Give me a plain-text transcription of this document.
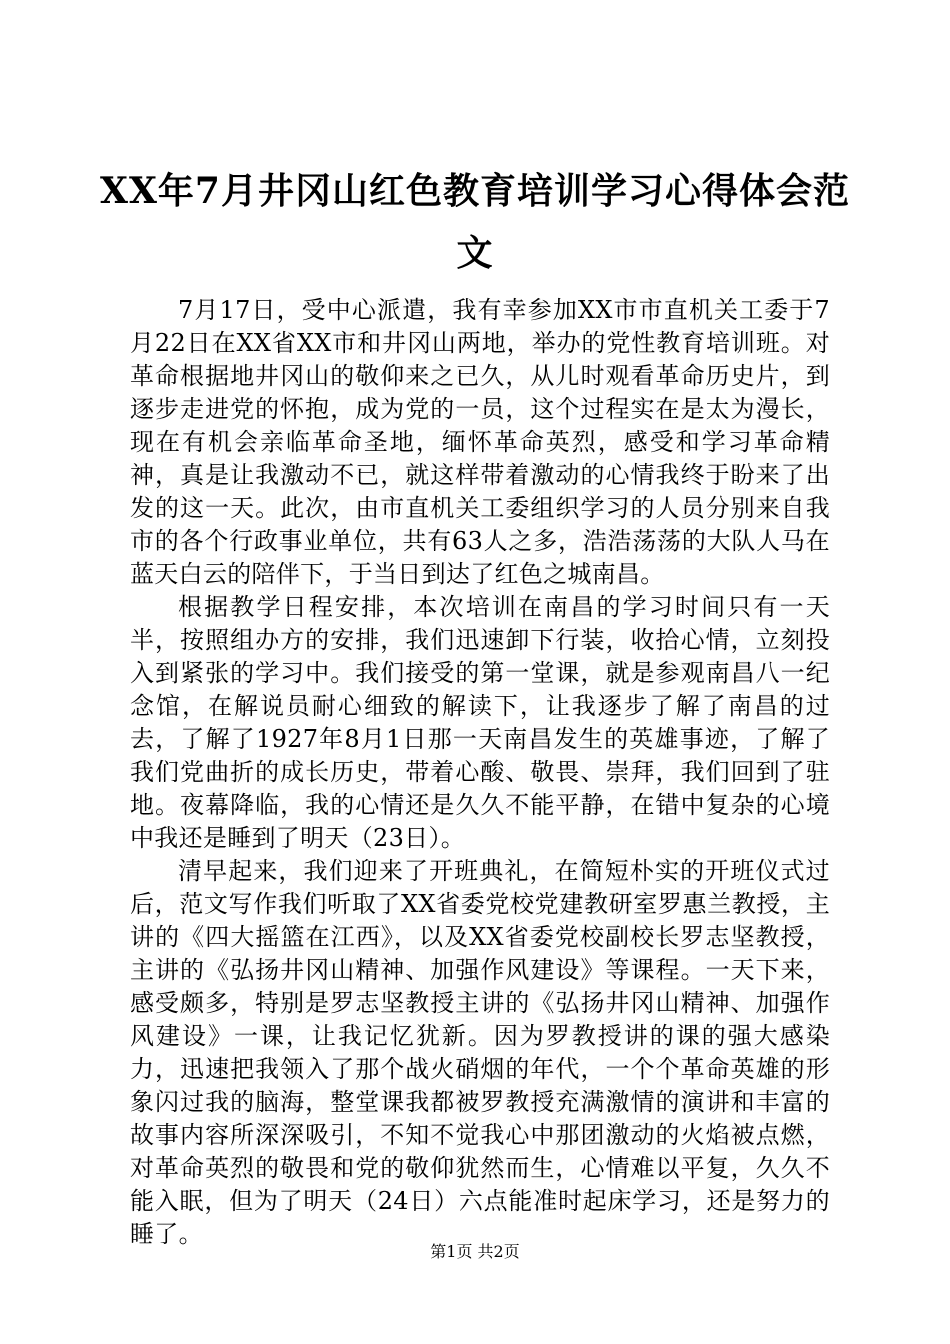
XX年7月井冈山红色教育培训学习心得体会范文

7月17日，受中心派遣，我有幸参加XX市市直机关工委于7月22日在XX省XX市和井冈山两地，举办的党性教育培训班。对革命根据地井冈山的敬仰来之已久，从儿时观看革命历史片，到逐步走进党的怀抱，成为党的一员，这个过程实在是太为漫长，现在有机会亲临革命圣地，缅怀革命英烈，感受和学习革命精神，真是让我激动不已，就这样带着激动的心情我终于盼来了出发的这一天。此次，由市直机关工委组织学习的人员分别来自我市的各个行政事业单位，共有63人之多，浩浩荡荡的大队人马在蓝天白云的陪伴下，于当日到达了红色之城南昌。

根据教学日程安排，本次培训在南昌的学习时间只有一天半，按照组办方的安排，我们迅速卸下行装，收拾心情，立刻投入到紧张的学习中。我们接受的第一堂课，就是参观南昌八一纪念馆，在解说员耐心细致的解读下，让我逐步了解了南昌的过去，了解了1927年8月1日那一天南昌发生的英雄事迹，了解了我们党曲折的成长历史，带着心酸、敬畏、崇拜，我们回到了驻地。夜幕降临，我的心情还是久久不能平静，在错中复杂的心境中我还是睡到了明天（23日）。

清早起来，我们迎来了开班典礼，在简短朴实的开班仪式过后，范文写作我们听取了XX省委党校党建教研室罗惠兰教授，主讲的《四大摇篮在江西》，以及XX省委党校副校长罗志坚教授，主讲的《弘扬井冈山精神、加强作风建设》等课程。一天下来，感受颇多，特别是罗志坚教授主讲的《弘扬井冈山精神、加强作风建设》一课，让我记忆犹新。因为罗教授讲的课的强大感染力，迅速把我领入了那个战火硝烟的年代，一个个革命英雄的形象闪过我的脑海，整堂课我都被罗教授充满激情的演讲和丰富的故事内容所深深吸引，不知不觉我心中那团激动的火焰被点燃，对革命英烈的敬畏和党的敬仰犹然而生，心情难以平复，久久不能入眠，但为了明天（24日）六点能准时起床学习，还是努力的睡了。

第1页 共2页
